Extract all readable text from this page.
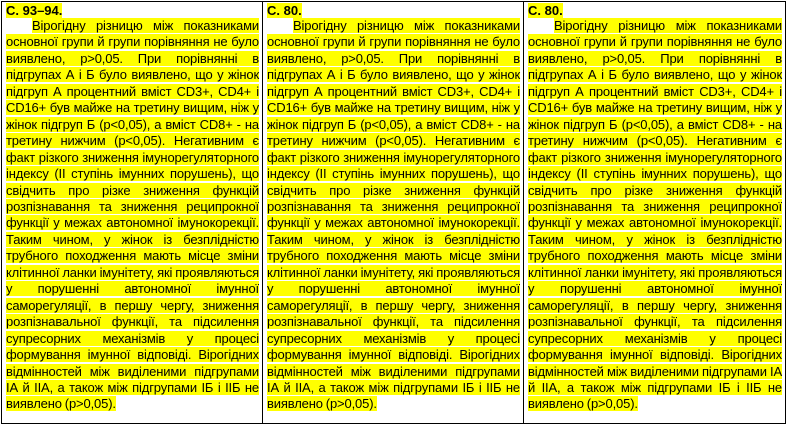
С. 93–94.

Вірогідну різницю між показниками основної групи й групи порівняння не було виявлено, р>0,05. При порівнянні в підгрупах А і Б було виявлено, що у жінок підгруп А процентний вміст CD3+, CD4+ і CD16+ був майже на третину вищим, ніж у жінок підгруп Б (р<0,05), а вміст CD8+ - на третину нижчим (р<0,05). Негативним є факт різкого зниження імунорегуляторного індексу (II ступінь імунних порушень), що свідчить про різке зниження функцій розпізнавання та зниження реципрокної функції у межах автономної імунокорекції. Таким чином, у жінок із безплідністю трубного походження мають місце зміни клітинної ланки імунітету, які проявляються у порушенні автономної імунної саморегуляції, в першу чергу, зниження розпізнавальної функції, та підсилення супресорних механізмів у процесі формування імунної відповіді. Вірогідних відмінностей між виділеними підгрупами ІА й ІІА, а також між підгрупами ІБ і ІІБ не виявлено (р>0,05).

С. 80.

Вірогідну різницю між показниками основної групи й групи порівняння не було виявлено, р>0,05. При порівнянні в підгрупах А і Б було виявлено, що у жінок підгруп А процентний вміст CD3+, CD4+ і CD16+ був майже на третину вищим, ніж у жінок підгруп Б (р<0,05), а вміст CD8+ - на третину нижчим (р<0,05). Негативним є факт різкого зниження імунорегуляторного індексу (II ступінь імунних порушень), що свідчить про різке зниження функцій розпізнавання та зниження реципрокної функції у межах автономної імунокорекції. Таким чином, у жінок із безплідністю трубного походження мають місце зміни клітинної ланки імунітету, які проявляються у порушенні автономної імунної саморегуляції, в першу чергу, зниження розпізнавальної функції, та підсилення супресорних механізмів у процесі формування імунної відповіді. Вірогідних відмінностей між виділеними підгрупами ІА й ІІА, а також між підгрупами ІБ і ІІБ не виявлено (р>0,05).

С. 80.

Вірогідну різницю між показниками основної групи й групи порівняння не було виявлено, р>0,05. При порівнянні в підгрупах А і Б було виявлено, що у жінок підгруп А процентний вміст CD3+, CD4+ і CD16+ був майже на третину вищим, ніж у жінок підгруп Б (р<0,05), а вміст CD8+ - на третину нижчим (р<0,05). Негативним є факт різкого зниження імунорегуляторного індексу (II ступінь імунних порушень), що свідчить про різке зниження функцій розпізнавання та зниження реципрокної функції у межах автономної імунокорекції. Таким чином, у жінок із безплідністю трубного походження мають місце зміни клітинної ланки імунітету, які проявляються у порушенні автономної імунної саморегуляції, в першу чергу, зниження розпізнавальної функції, та підсилення супресорних механізмів у процесі формування імунної відповіді. Вірогідних відмінностей між виділеними підгрупами ІА й ІІА, а також між підгрупами ІБ і ІІБ не виявлено (р>0,05).
